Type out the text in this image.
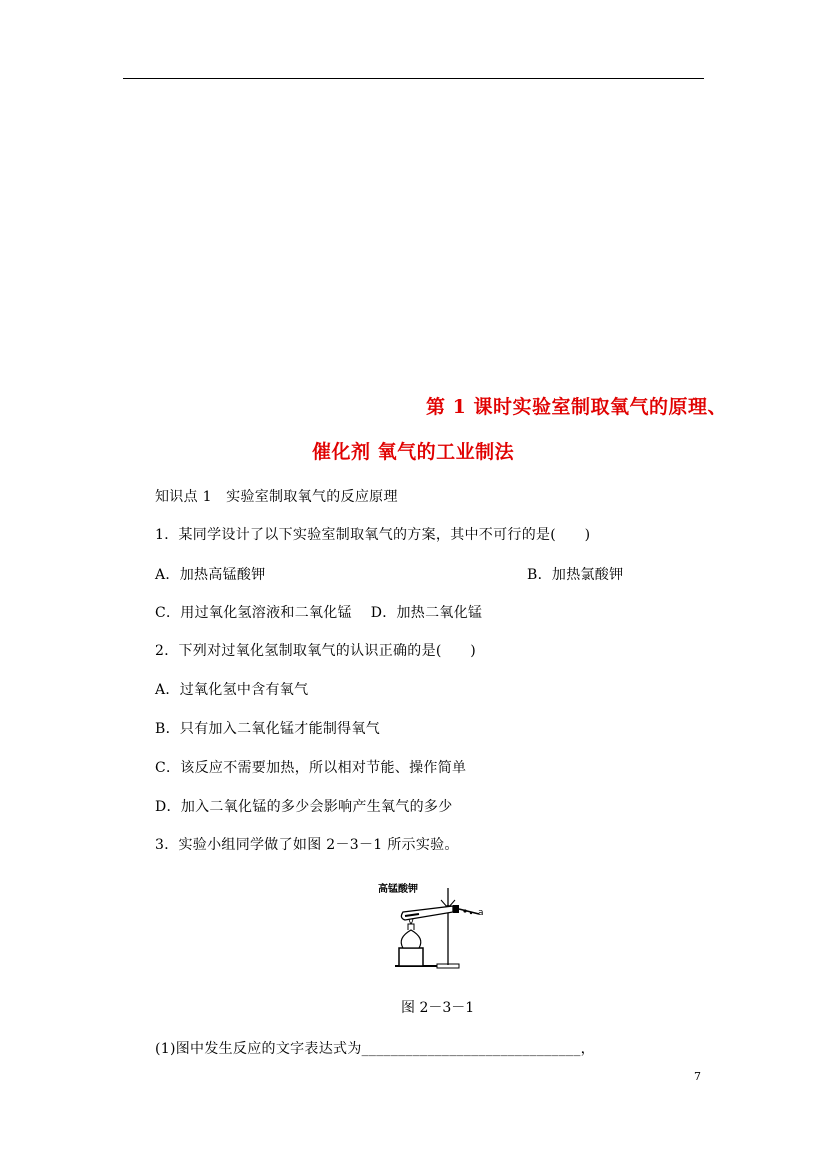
第 1 课时实验室制取氧气的原理、
催化剂 氧气的工业制法
知识点 1　实验室制取氧气的反应原理
1．某同学设计了以下实验室制取氧气的方案，其中不可行的是(　　)
A．加热高锰酸钾	B．加热氯酸钾
C．用过氧化氢溶液和二氧化锰 D．加热二氧化锰
2．下列对过氧化氢制取氧气的认识正确的是(　　)
A．过氧化氢中含有氧气
B．只有加入二氧化锰才能制得氧气
C．该反应不需要加热，所以相对节能、操作简单
D．加入二氧化锰的多少会影响产生氧气的多少
3．实验小组同学做了如图 2－3－1 所示实验。
高锰酸钾
a
图 2－3－1
(1)图中发生反应的文字表达式为______________________________，
7
